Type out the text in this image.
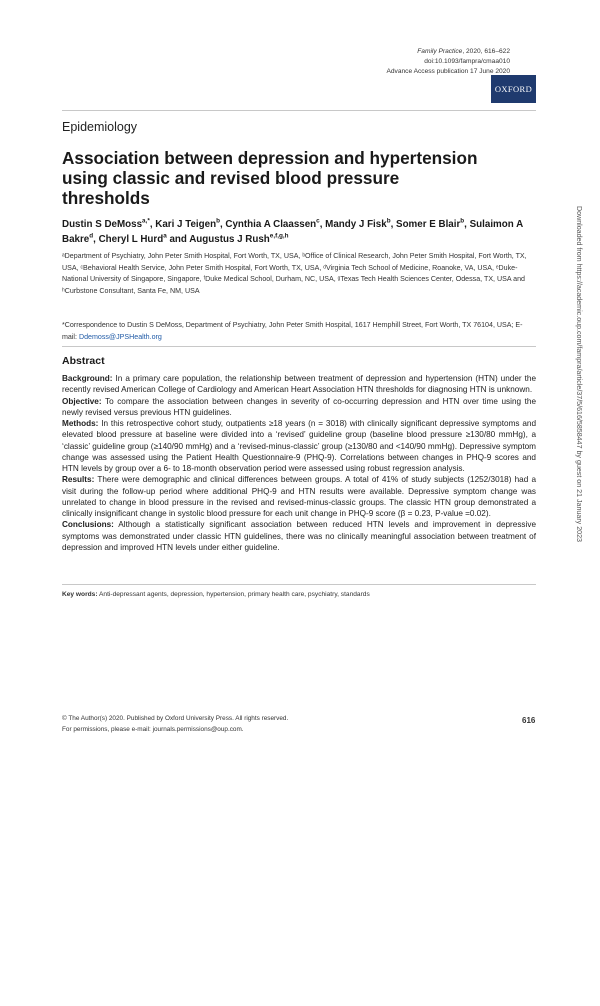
Family Practice, 2020, 616–622
doi:10.1093/fampra/cmaa010
Advance Access publication 17 June 2020
OXFORD
Epidemiology
Association between depression and hypertension using classic and revised blood pressure thresholds
Dustin S DeMoss$^{a,*}$, Kari J Teigen$^b$, Cynthia A Claassen$^c$, Mandy J Fisk$^b$, Somer E Blair$^b$, Sulaimon A Bakre$^d$, Cheryl L Hurd$^a$ and Augustus J Rush$^{e,f,g,h}$
ᵃDepartment of Psychiatry, John Peter Smith Hospital, Fort Worth, TX, USA, ᵇOffice of Clinical Research, John Peter Smith Hospital, Fort Worth, TX, USA, ᶜBehavioral Health Service, John Peter Smith Hospital, Fort Worth, TX, USA, ᵈVirginia Tech School of Medicine, Roanoke, VA, USA, ᵉDuke-National University of Singapore, Singapore, ᶠDuke Medical School, Durham, NC, USA, ᵍTexas Tech Health Sciences Center, Odessa, TX, USA and ʰCurbstone Consultant, Santa Fe, NM, USA
*Correspondence to Dustin S DeMoss, Department of Psychiatry, John Peter Smith Hospital, 1617 Hemphill Street, Fort Worth, TX 76104, USA; E-mail: Ddemoss@JPSHealth.org
Abstract

Background: In a primary care population, the relationship between treatment of depression and hypertension (HTN) under the recently revised American College of Cardiology and American Heart Association HTN thresholds for diagnosing HTN is unknown.

Objective: To compare the association between changes in severity of co-occurring depression and HTN over time using the newly revised versus previous HTN guidelines.

Methods: In this retrospective cohort study, outpatients ≥18 years (n = 3018) with clinically significant depressive symptoms and elevated blood pressure at baseline were divided into a ‘revised’ guideline group (baseline blood pressure ≥130/80 mmHg), a ‘classic’ guideline group (≥140/90 mmHg) and a ‘revised-minus-classic’ group (≥130/80 and <140/90 mmHg). Depressive symptom change was assessed using the Patient Health Questionnaire-9 (PHQ-9). Correlations between changes in PHQ-9 scores and HTN levels by group over a 6- to 18-month observation period were assessed using robust regression analysis.

Results: There were demographic and clinical differences between groups. A total of 41% of study subjects (1252/3018) had a visit during the follow-up period where additional PHQ-9 and HTN results were available. Depressive symptom change was unrelated to change in blood pressure in the revised and revised-minus-classic groups. The classic HTN group demonstrated a clinically insignificant change in systolic blood pressure for each unit change in PHQ-9 score (β = 0.23, P-value =0.02).

Conclusions: Although a statistically significant association between reduced HTN levels and improvement in depressive symptoms was demonstrated under classic HTN guidelines, there was no clinically meaningful association between treatment of depression and improved HTN levels under either guideline.

Key words: Anti-depressant agents, depression, hypertension, primary health care, psychiatry, standards
© The Author(s) 2020. Published by Oxford University Press. All rights reserved.
For permissions, please e-mail: journals.permissions@oup.com.
616
Downloaded from https://academic.oup.com/fampra/article/37/5/616/5858447 by guest on 21 January 2023
